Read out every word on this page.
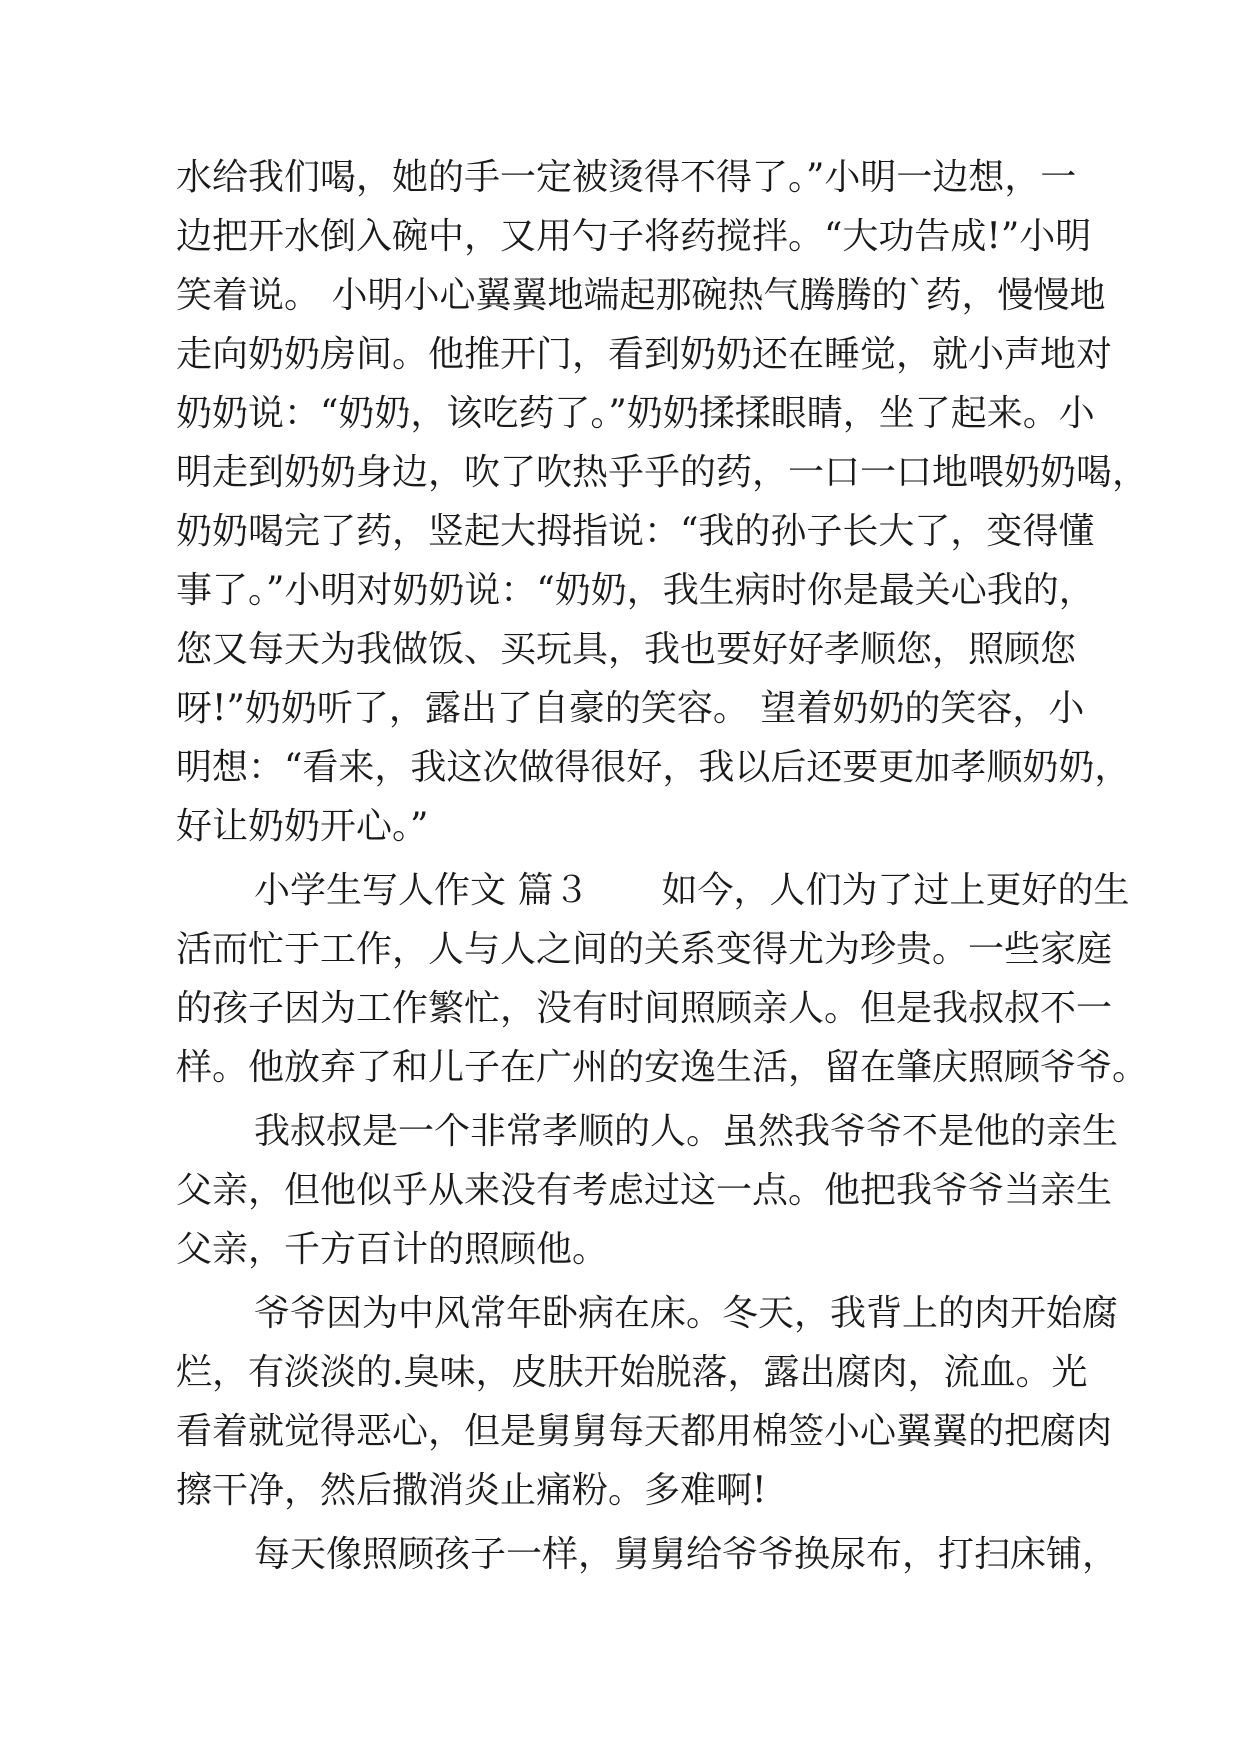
水给我们喝，她的手一定被烫得不得了。”小明一边想，一

边把开水倒入碗中，又用勺子将药搅拌。“大功告成!”小明

笑着说。 小明小心翼翼地端起那碗热气腾腾的`药，慢慢地

走向奶奶房间。他推开门，看到奶奶还在睡觉，就小声地对

奶奶说：“奶奶，该吃药了。”奶奶揉揉眼睛，坐了起来。小

明走到奶奶身边，吹了吹热乎乎的药，一口一口地喂奶奶喝，

奶奶喝完了药，竖起大拇指说：“我的孙子长大了，变得懂

事了。”小明对奶奶说：“奶奶，我生病时你是最关心我的，

您又每天为我做饭、买玩具，我也要好好孝顺您，照顾您

呀!”奶奶听了，露出了自豪的笑容。 望着奶奶的笑容，小

明想：“看来，我这次做得很好，我以后还要更加孝顺奶奶，

好让奶奶开心。”

小学生写人作文 篇３　　如今，人们为了过上更好的生

活而忙于工作，人与人之间的关系变得尤为珍贵。一些家庭

的孩子因为工作繁忙，没有时间照顾亲人。但是我叔叔不一

样。他放弃了和儿子在广州的安逸生活，留在肇庆照顾爷爷。

我叔叔是一个非常孝顺的人。虽然我爷爷不是他的亲生

父亲，但他似乎从来没有考虑过这一点。他把我爷爷当亲生

父亲，千方百计的照顾他。

爷爷因为中风常年卧病在床。冬天，我背上的肉开始腐

烂，有淡淡的.臭味，皮肤开始脱落，露出腐肉，流血。光

看着就觉得恶心，但是舅舅每天都用棉签小心翼翼的把腐肉

擦干净，然后撒消炎止痛粉。多难啊!

每天像照顾孩子一样，舅舅给爷爷换尿布，打扫床铺，
